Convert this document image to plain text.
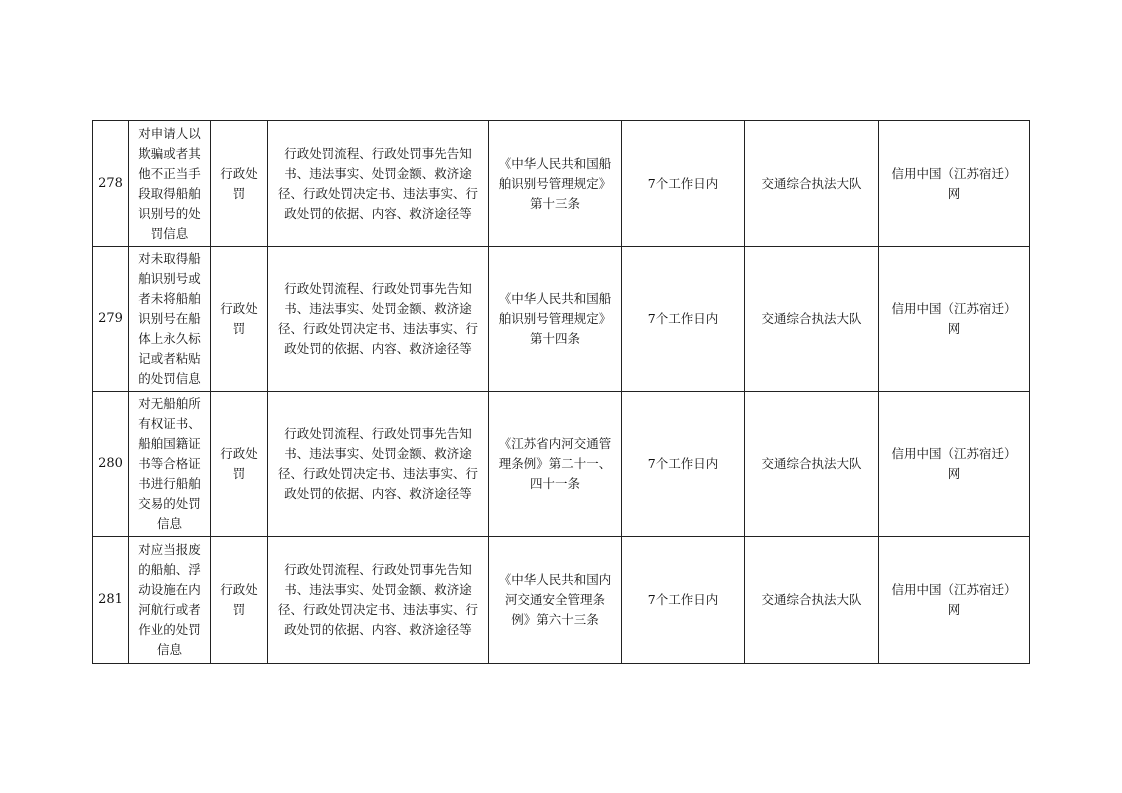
278	对申请人以欺骗或者其他不正当手段取得船舶识别号的处罚信息	行政处罚	行政处罚流程、行政处罚事先告知书、违法事实、处罚金额、救济途径、行政处罚决定书、违法事实、行政处罚的依据、内容、救济途径等	《中华人民共和国船舶识别号管理规定》第十三条	7个工作日内	交通综合执法大队	信用中国（江苏宿迁）网

279	对未取得船舶识别号或者未将船舶识别号在船体上永久标记或者粘贴的处罚信息	行政处罚	行政处罚流程、行政处罚事先告知书、违法事实、处罚金额、救济途径、行政处罚决定书、违法事实、行政处罚的依据、内容、救济途径等	《中华人民共和国船舶识别号管理规定》第十四条	7个工作日内	交通综合执法大队	信用中国（江苏宿迁）网

280	对无船舶所有权证书、船舶国籍证书等合格证书进行船舶交易的处罚信息	行政处罚	行政处罚流程、行政处罚事先告知书、违法事实、处罚金额、救济途径、行政处罚决定书、违法事实、行政处罚的依据、内容、救济途径等	《江苏省内河交通管理条例》第二十一、四十一条	7个工作日内	交通综合执法大队	信用中国（江苏宿迁）网

281	对应当报废的船舶、浮动设施在内河航行或者作业的处罚信息	行政处罚	行政处罚流程、行政处罚事先告知书、违法事实、处罚金额、救济途径、行政处罚决定书、违法事实、行政处罚的依据、内容、救济途径等	《中华人民共和国内河交通安全管理条例》第六十三条	7个工作日内	交通综合执法大队	信用中国（江苏宿迁）网
